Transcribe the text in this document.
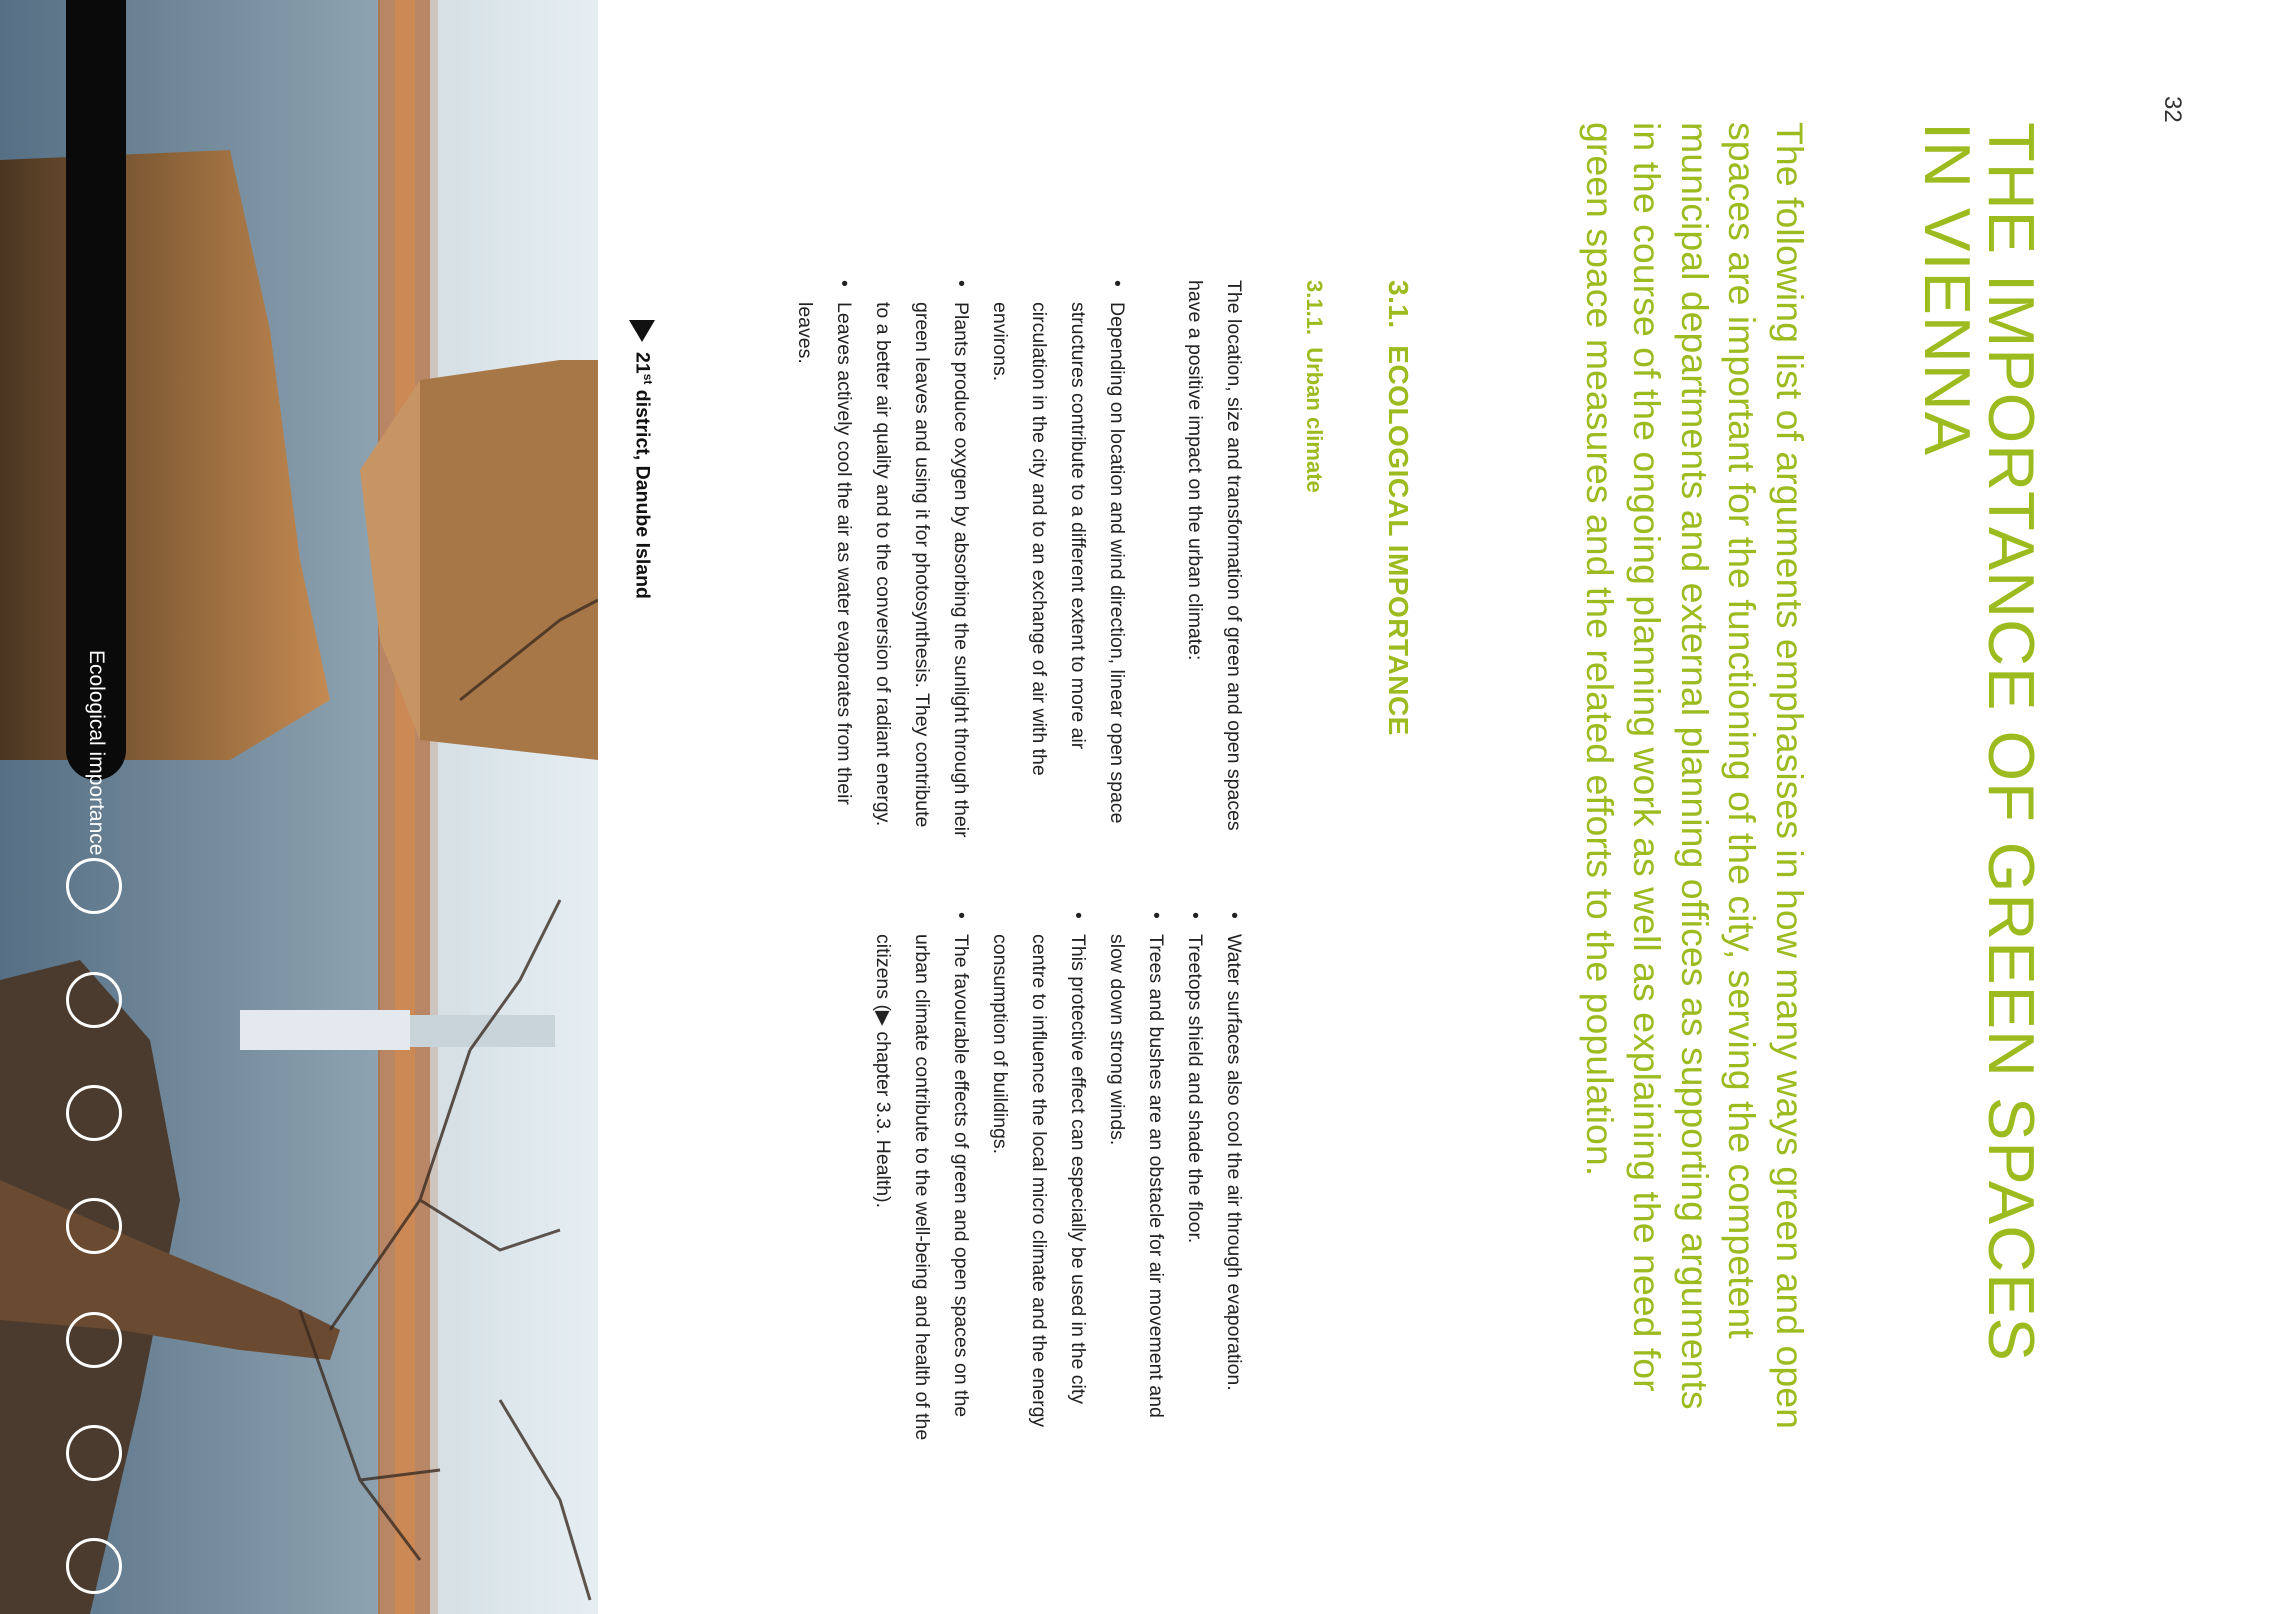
Ecological importance
21st district, Danube Island
32
THE IMPORTANCE OF GREEN SPACES IN VIENNA
The following list of arguments emphasises in how many ways green and open spaces are important for the functioning of the city, serving the competent municipal departments and external planning offices as supporting arguments in the course of the ongoing planning work as well as explaining the need for green space measures and the related efforts to the population.
3.1.  ECOLOGICAL IMPORTANCE
3.1.1.  Urban climate

The location, size and transformation of green and open spaces have a positive impact on the urban climate:

• Depending on location and wind direction, linear open space structures contribute to a different extent to more air circulation in the city and to an exchange of air with the environs.
• Plants produce oxygen by absorbing the sunlight through their green leaves and using it for photosynthesis. They contribute to a better air quality and to the conversion of radiant energy.
• Leaves actively cool the air as water evaporates from their leaves.
• Water surfaces also cool the air through evaporation.
• Treetops shield and shade the floor.
• Trees and bushes are an obstacle for air movement and slow down strong winds.
• This protective effect can especially be used in the city centre to influence the local micro climate and the energy consumption of buildings.
• The favourable effects of green and open spaces on the urban climate contribute to the well-being and health of the citizens (▶ chapter 3.3. Health).
